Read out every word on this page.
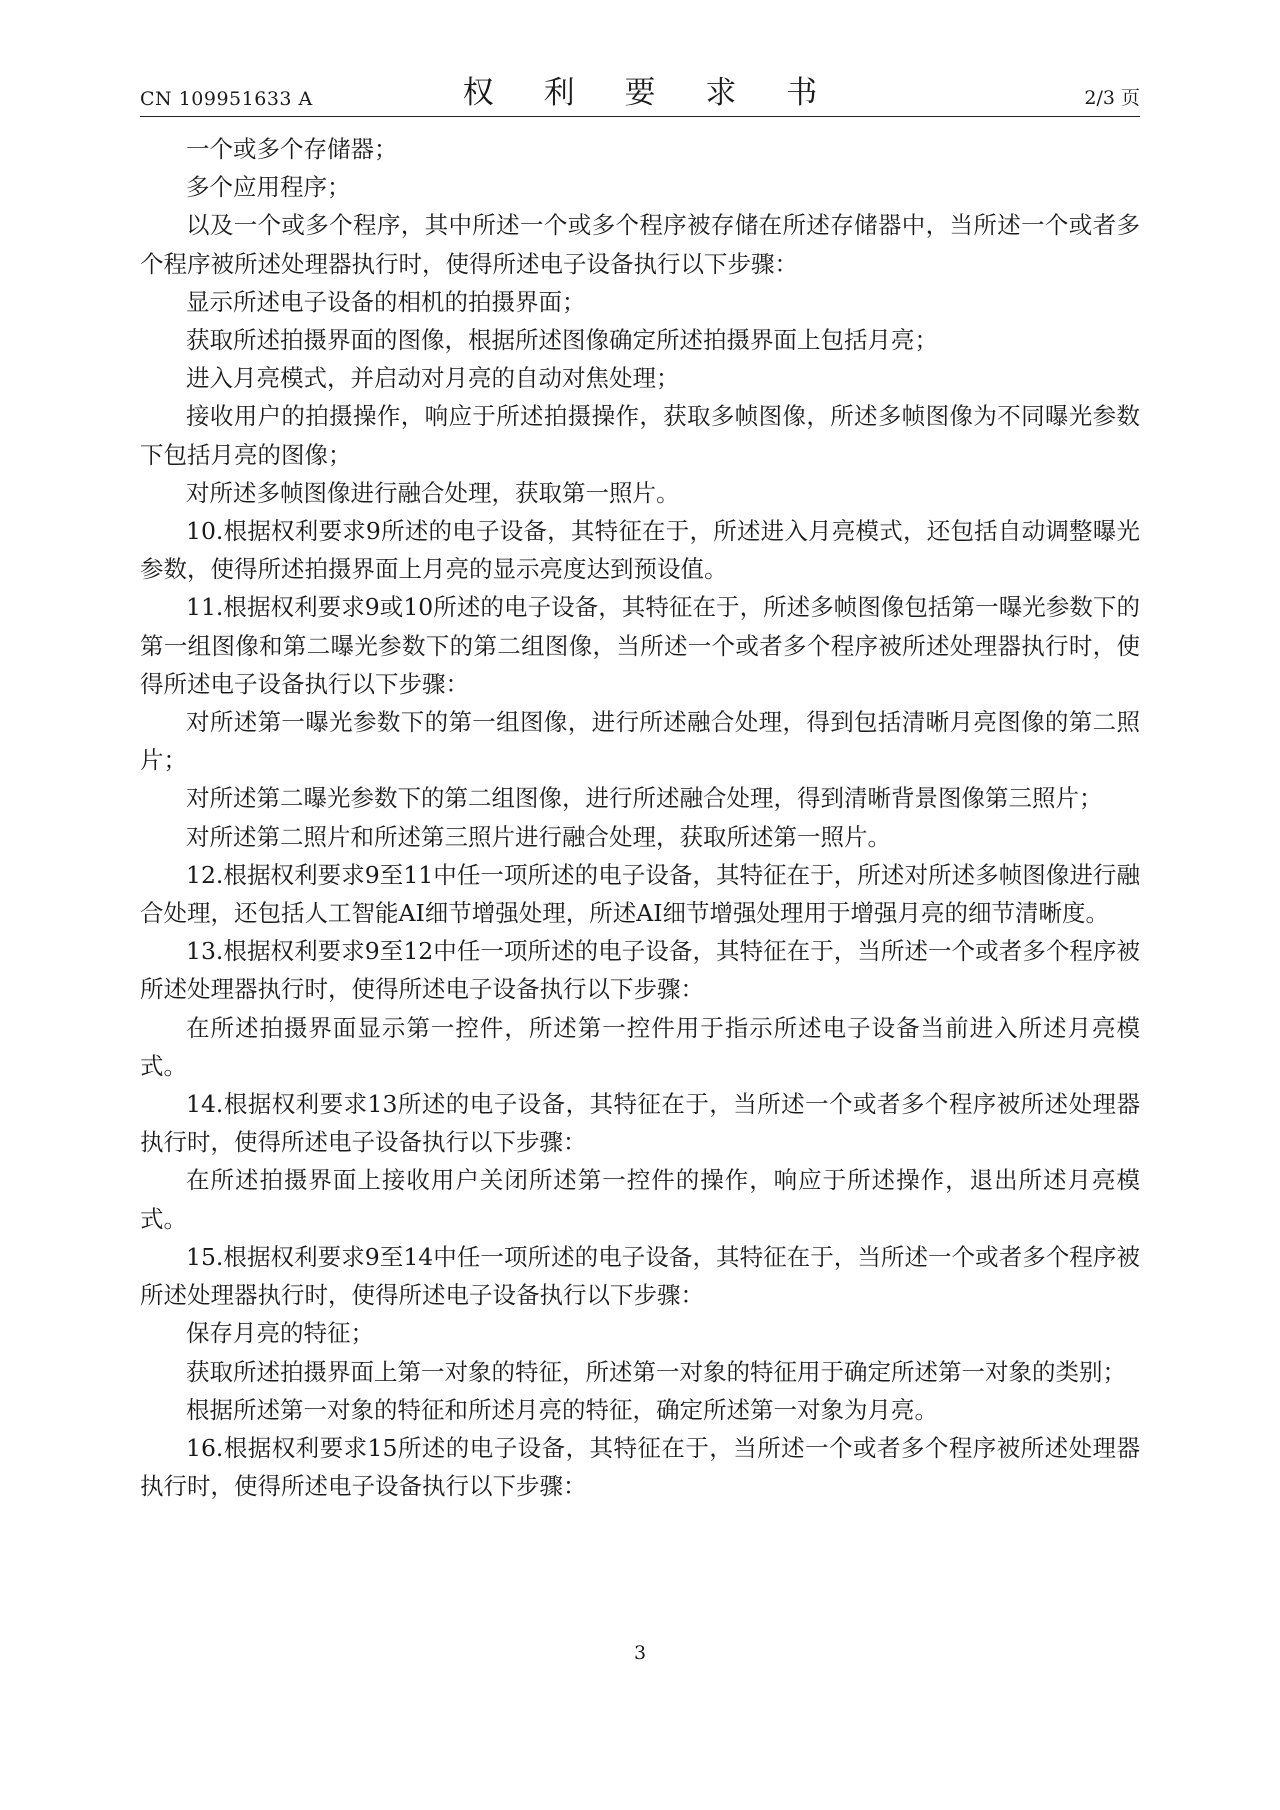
CN 109951633 A	权 利 要 求 书	2/3 页

一个或多个存储器；

多个应用程序；

以及一个或多个程序，其中所述一个或多个程序被存储在所述存储器中，当所述一个或者多个程序被所述处理器执行时，使得所述电子设备执行以下步骤：

显示所述电子设备的相机的拍摄界面；

获取所述拍摄界面的图像，根据所述图像确定所述拍摄界面上包括月亮；

进入月亮模式，并启动对月亮的自动对焦处理；

接收用户的拍摄操作，响应于所述拍摄操作，获取多帧图像，所述多帧图像为不同曝光参数下包括月亮的图像；

对所述多帧图像进行融合处理，获取第一照片。

10.根据权利要求9所述的电子设备，其特征在于，所述进入月亮模式，还包括自动调整曝光参数，使得所述拍摄界面上月亮的显示亮度达到预设值。

11.根据权利要求9或10所述的电子设备，其特征在于，所述多帧图像包括第一曝光参数下的第一组图像和第二曝光参数下的第二组图像，当所述一个或者多个程序被所述处理器执行时，使得所述电子设备执行以下步骤：

对所述第一曝光参数下的第一组图像，进行所述融合处理，得到包括清晰月亮图像的第二照片；

对所述第二曝光参数下的第二组图像，进行所述融合处理，得到清晰背景图像第三照片；

对所述第二照片和所述第三照片进行融合处理，获取所述第一照片。

12.根据权利要求9至11中任一项所述的电子设备，其特征在于，所述对所述多帧图像进行融合处理，还包括人工智能AI细节增强处理，所述AI细节增强处理用于增强月亮的细节清晰度。

13.根据权利要求9至12中任一项所述的电子设备，其特征在于，当所述一个或者多个程序被所述处理器执行时，使得所述电子设备执行以下步骤：

在所述拍摄界面显示第一控件，所述第一控件用于指示所述电子设备当前进入所述月亮模式。

14.根据权利要求13所述的电子设备，其特征在于，当所述一个或者多个程序被所述处理器执行时，使得所述电子设备执行以下步骤：

在所述拍摄界面上接收用户关闭所述第一控件的操作，响应于所述操作，退出所述月亮模式。

15.根据权利要求9至14中任一项所述的电子设备，其特征在于，当所述一个或者多个程序被所述处理器执行时，使得所述电子设备执行以下步骤：

保存月亮的特征；

获取所述拍摄界面上第一对象的特征，所述第一对象的特征用于确定所述第一对象的类别；

根据所述第一对象的特征和所述月亮的特征，确定所述第一对象为月亮。

16.根据权利要求15所述的电子设备，其特征在于，当所述一个或者多个程序被所述处理器执行时，使得所述电子设备执行以下步骤：

3
